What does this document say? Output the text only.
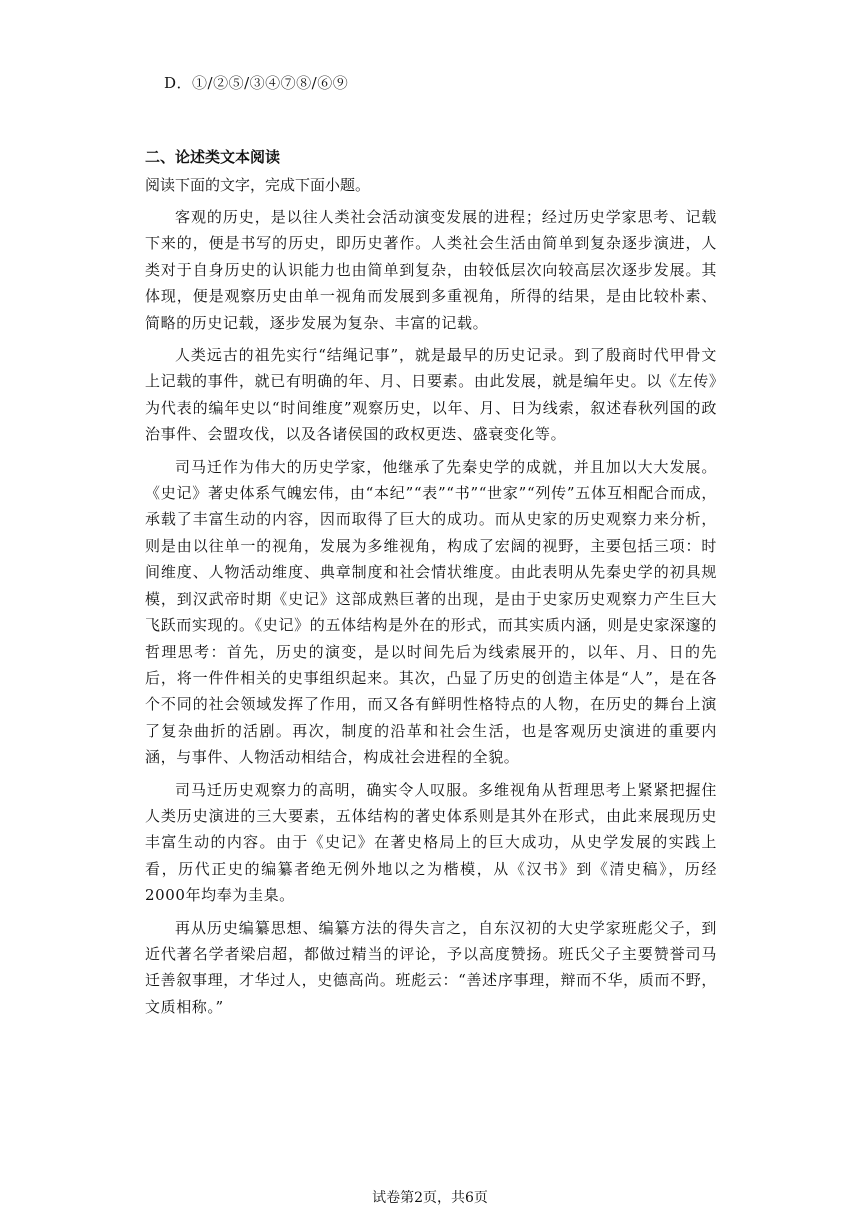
D．①/②⑤/③④⑦⑧/⑥⑨
二、论述类文本阅读
阅读下面的文字，完成下面小题。

客观的历史，是以往人类社会活动演变发展的进程；经过历史学家思考、记载下来的，便是书写的历史，即历史著作。人类社会生活由简单到复杂逐步演进，人类对于自身历史的认识能力也由简单到复杂，由较低层次向较高层次逐步发展。其体现，便是观察历史由单一视角而发展到多重视角，所得的结果，是由比较朴素、简略的历史记载，逐步发展为复杂、丰富的记载。

人类远古的祖先实行“结绳记事”，就是最早的历史记录。到了殷商时代甲骨文上记载的事件，就已有明确的年、月、日要素。由此发展，就是编年史。以《左传》为代表的编年史以“时间维度”观察历史，以年、月、日为线索，叙述春秋列国的政治事件、会盟攻伐，以及各诸侯国的政权更迭、盛衰变化等。

司马迁作为伟大的历史学家，他继承了先秦史学的成就，并且加以大大发展。《史记》著史体系气魄宏伟，由“本纪”“表”“书”“世家”“列传”五体互相配合而成，承载了丰富生动的内容，因而取得了巨大的成功。而从史家的历史观察力来分析，则是由以往单一的视角，发展为多维视角，构成了宏阔的视野，主要包括三项：时间维度、人物活动维度、典章制度和社会情状维度。由此表明从先秦史学的初具规模，到汉武帝时期《史记》这部成熟巨著的出现，是由于史家历史观察力产生巨大飞跃而实现的。《史记》的五体结构是外在的形式，而其实质内涵，则是史家深邃的哲理思考：首先，历史的演变，是以时间先后为线索展开的，以年、月、日的先后，将一件件相关的史事组织起来。其次，凸显了历史的创造主体是“人”，是在各个不同的社会领域发挥了作用，而又各有鲜明性格特点的人物，在历史的舞台上演了复杂曲折的活剧。再次，制度的沿革和社会生活，也是客观历史演进的重要内涵，与事件、人物活动相结合，构成社会进程的全貌。

司马迁历史观察力的高明，确实令人叹服。多维视角从哲理思考上紧紧把握住人类历史演进的三大要素，五体结构的著史体系则是其外在形式，由此来展现历史丰富生动的内容。由于《史记》在著史格局上的巨大成功，从史学发展的实践上看，历代正史的编纂者绝无例外地以之为楷模，从《汉书》到《清史稿》，历经2000年均奉为圭臬。

再从历史编纂思想、编纂方法的得失言之，自东汉初的大史学家班彪父子，到近代著名学者梁启超，都做过精当的评论，予以高度赞扬。班氏父子主要赞誉司马迁善叙事理，才华过人，史德高尚。班彪云：“善述序事理，辩而不华，质而不野，文质相称。”

试卷第2页，共6页
